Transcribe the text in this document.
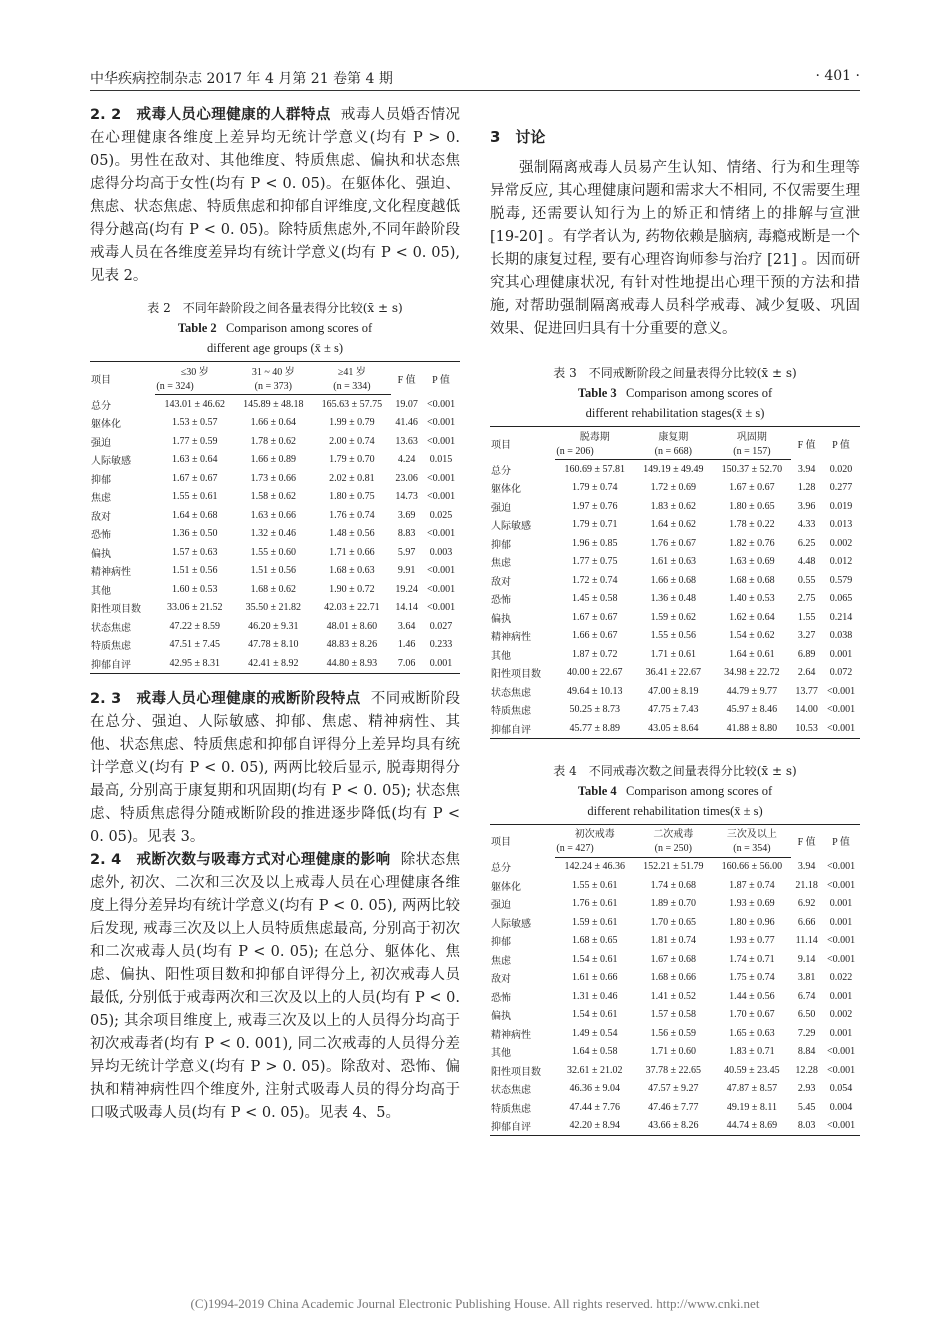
中华疾病控制杂志 2017 年 4 月第 21 卷第 4 期	· 401 ·

2. 2　戒毒人员心理健康的人群特点 戒毒人员婚否情况在心理健康各维度上差异均无统计学意义(均有 P > 0. 05)。男性在敌对、其他维度、特质焦虑、偏执和状态焦虑得分均高于女性(均有 P < 0. 05)。在躯体化、强迫、焦虑、状态焦虑、特质焦虑和抑郁自评维度,文化程度越低得分越高(均有 P < 0. 05)。除特质焦虑外,不同年龄阶段戒毒人员在各维度差异均有统计学意义(均有 P < 0. 05), 见表 2。

表 2　不同年龄阶段之间各量表得分比较(x̄ ± s)

Table 2 Comparison among scores of

different age groups (x̄ ± s)

项目	≤30 岁	31 ~ 40 岁	≥41 岁	F 值	P 值
	(n = 324)	(n = 373)	(n = 334)		
总分	143.01 ± 46.62	145.89 ± 48.18	165.63 ± 57.75	19.07	<0.001
躯体化	1.53 ± 0.57	1.66 ± 0.64	1.99 ± 0.79	41.46	<0.001
强迫	1.77 ± 0.59	1.78 ± 0.62	2.00 ± 0.74	13.63	<0.001
人际敏感	1.63 ± 0.64	1.66 ± 0.89	1.79 ± 0.70	4.24	0.015
抑郁	1.67 ± 0.67	1.73 ± 0.66	2.02 ± 0.81	23.06	<0.001
焦虑	1.55 ± 0.61	1.58 ± 0.62	1.80 ± 0.75	14.73	<0.001
敌对	1.64 ± 0.68	1.63 ± 0.66	1.76 ± 0.74	3.69	0.025
恐怖	1.36 ± 0.50	1.32 ± 0.46	1.48 ± 0.56	8.83	<0.001
偏执	1.57 ± 0.63	1.55 ± 0.60	1.71 ± 0.66	5.97	0.003
精神病性	1.51 ± 0.56	1.51 ± 0.56	1.68 ± 0.63	9.91	<0.001
其他	1.60 ± 0.53	1.68 ± 0.62	1.90 ± 0.72	19.24	<0.001
阳性项目数	33.06 ± 21.52	35.50 ± 21.82	42.03 ± 22.71	14.14	<0.001
状态焦虑	47.22 ± 8.59	46.20 ± 9.31	48.01 ± 8.60	3.64	0.027
特质焦虑	47.51 ± 7.45	47.78 ± 8.10	48.83 ± 8.26	1.46	0.233
抑郁自评	42.95 ± 8.31	42.41 ± 8.92	44.80 ± 8.93	7.06	0.001

2. 3　戒毒人员心理健康的戒断阶段特点 不同戒断阶段在总分、强迫、人际敏感、抑郁、焦虑、精神病性、其他、状态焦虑、特质焦虑和抑郁自评得分上差异均具有统计学意义(均有 P < 0. 05), 两两比较后显示, 脱毒期得分最高, 分别高于康复期和巩固期(均有 P < 0. 05); 状态焦虑、特质焦虑得分随戒断阶段的推进逐步降低(均有 P < 0. 05)。见表 3。

2. 4　戒断次数与吸毒方式对心理健康的影响 除状态焦虑外, 初次、二次和三次及以上戒毒人员在心理健康各维度上得分差异均有统计学意义(均有 P < 0. 05), 两两比较后发现, 戒毒三次及以上人员特质焦虑最高, 分别高于初次和二次戒毒人员(均有 P < 0. 05); 在总分、躯体化、焦虑、偏执、阳性项目数和抑郁自评得分上, 初次戒毒人员最低, 分别低于戒毒两次和三次及以上的人员(均有 P < 0. 05); 其余项目维度上, 戒毒三次及以上的人员得分均高于初次戒毒者(均有 P < 0. 001), 同二次戒毒的人员得分差异均无统计学意义(均有 P > 0. 05)。除敌对、恐怖、偏执和精神病性四个维度外, 注射式吸毒人员的得分均高于口吸式吸毒人员(均有 P < 0. 05)。见表 4、5。

3　讨论

强制隔离戒毒人员易产生认知、情绪、行为和生理等异常反应, 其心理健康问题和需求大不相同, 不仅需要生理脱毒, 还需要认知行为上的矫正和情绪上的排解与宣泄 [19-20] 。有学者认为, 药物依赖是脑病, 毒瘾戒断是一个长期的康复过程, 要有心理咨询师参与治疗 [21] 。因而研究其心理健康状况, 有针对性地提出心理干预的方法和措施, 对帮助强制隔离戒毒人员科学戒毒、减少复吸、巩固效果、促进回归具有十分重要的意义。

表 3　不同戒断阶段之间量表得分比较(x̄ ± s)

Table 3 Comparison among scores of

different rehabilitation stages(x̄ ± s)

项目	脱毒期	康复期	巩固期	F 值	P 值
	(n = 206)	(n = 668)	(n = 157)		
总分	160.69 ± 57.81	149.19 ± 49.49	150.37 ± 52.70	3.94	0.020
躯体化	1.79 ± 0.74	1.72 ± 0.69	1.67 ± 0.67	1.28	0.277
强迫	1.97 ± 0.76	1.83 ± 0.62	1.80 ± 0.65	3.96	0.019
人际敏感	1.79 ± 0.71	1.64 ± 0.62	1.78 ± 0.22	4.33	0.013
抑郁	1.96 ± 0.85	1.76 ± 0.67	1.82 ± 0.76	6.25	0.002
焦虑	1.77 ± 0.75	1.61 ± 0.63	1.63 ± 0.69	4.48	0.012
敌对	1.72 ± 0.74	1.66 ± 0.68	1.68 ± 0.68	0.55	0.579
恐怖	1.45 ± 0.58	1.36 ± 0.48	1.40 ± 0.53	2.75	0.065
偏执	1.67 ± 0.67	1.59 ± 0.62	1.62 ± 0.64	1.55	0.214
精神病性	1.66 ± 0.67	1.55 ± 0.56	1.54 ± 0.62	3.27	0.038
其他	1.87 ± 0.72	1.71 ± 0.61	1.64 ± 0.61	6.89	0.001
阳性项目数	40.00 ± 22.67	36.41 ± 22.67	34.98 ± 22.72	2.64	0.072
状态焦虑	49.64 ± 10.13	47.00 ± 8.19	44.79 ± 9.77	13.77	<0.001
特质焦虑	50.25 ± 8.73	47.75 ± 7.43	45.97 ± 8.46	14.00	<0.001
抑郁自评	45.77 ± 8.89	43.05 ± 8.64	41.88 ± 8.80	10.53	<0.001

表 4　不同戒毒次数之间量表得分比较(x̄ ± s)

Table 4 Comparison among scores of

different rehabilitation times(x̄ ± s)

项目	初次戒毒	二次戒毒	三次及以上	F 值	P 值
	(n = 427)	(n = 250)	(n = 354)		
总分	142.24 ± 46.36	152.21 ± 51.79	160.66 ± 56.00	3.94	<0.001
躯体化	1.55 ± 0.61	1.74 ± 0.68	1.87 ± 0.74	21.18	<0.001
强迫	1.76 ± 0.61	1.89 ± 0.70	1.93 ± 0.69	6.92	0.001
人际敏感	1.59 ± 0.61	1.70 ± 0.65	1.80 ± 0.96	6.66	0.001
抑郁	1.68 ± 0.65	1.81 ± 0.74	1.93 ± 0.77	11.14	<0.001
焦虑	1.54 ± 0.61	1.67 ± 0.68	1.74 ± 0.71	9.14	<0.001
敌对	1.61 ± 0.66	1.68 ± 0.66	1.75 ± 0.74	3.81	0.022
恐怖	1.31 ± 0.46	1.41 ± 0.52	1.44 ± 0.56	6.74	0.001
偏执	1.54 ± 0.61	1.57 ± 0.58	1.70 ± 0.67	6.50	0.002
精神病性	1.49 ± 0.54	1.56 ± 0.59	1.65 ± 0.63	7.29	0.001
其他	1.64 ± 0.58	1.71 ± 0.60	1.83 ± 0.71	8.84	<0.001
阳性项目数	32.61 ± 21.02	37.78 ± 22.65	40.59 ± 23.45	12.28	<0.001
状态焦虑	46.36 ± 9.04	47.57 ± 9.27	47.87 ± 8.57	2.93	0.054
特质焦虑	47.44 ± 7.76	47.46 ± 7.77	49.19 ± 8.11	5.45	0.004
抑郁自评	42.20 ± 8.94	43.66 ± 8.26	44.74 ± 8.69	8.03	<0.001
(C)1994-2019 China Academic Journal Electronic Publishing House. All rights reserved. http://www.cnki.net
